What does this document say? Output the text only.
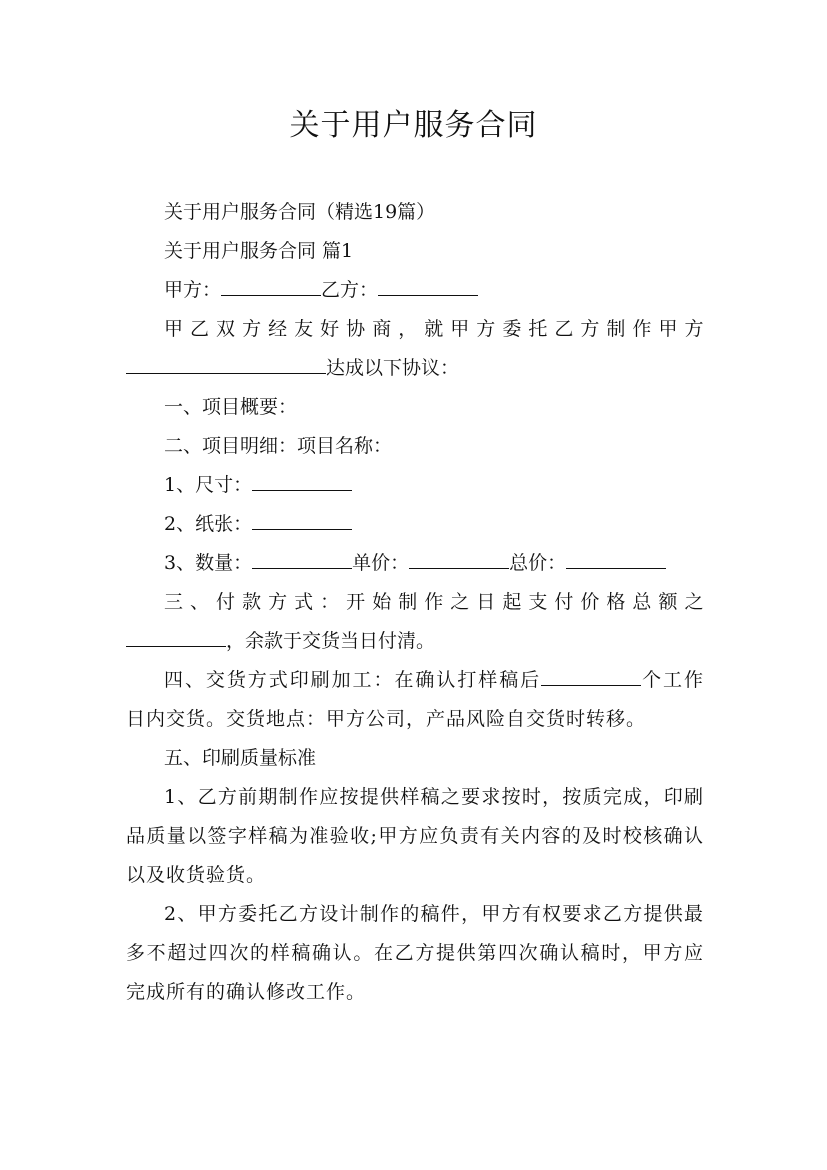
关于用户服务合同

关于用户服务合同（精选19篇）

关于用户服务合同 篇1

甲方：	乙方：

甲乙双方经友好协商，就甲方委托乙方制作甲方

达成以下协议：

一、项目概要：

二、项目明细：项目名称：

1、尺寸：

2、纸张：

3、数量：	单价：	总价：

三、付款方式：开始制作之日起支付价格总额之

，余款于交货当日付清。

四、交货方式印刷加工：在确认打样稿后	个工作日内交货。交货地点：甲方公司，产品风险自交货时转移。

五、印刷质量标准

1、乙方前期制作应按提供样稿之要求按时，按质完成，印刷品质量以签字样稿为准验收;甲方应负责有关内容的及时校核确认以及收货验货。

2、甲方委托乙方设计制作的稿件，甲方有权要求乙方提供最多不超过四次的样稿确认。在乙方提供第四次确认稿时，甲方应完成所有的确认修改工作。
